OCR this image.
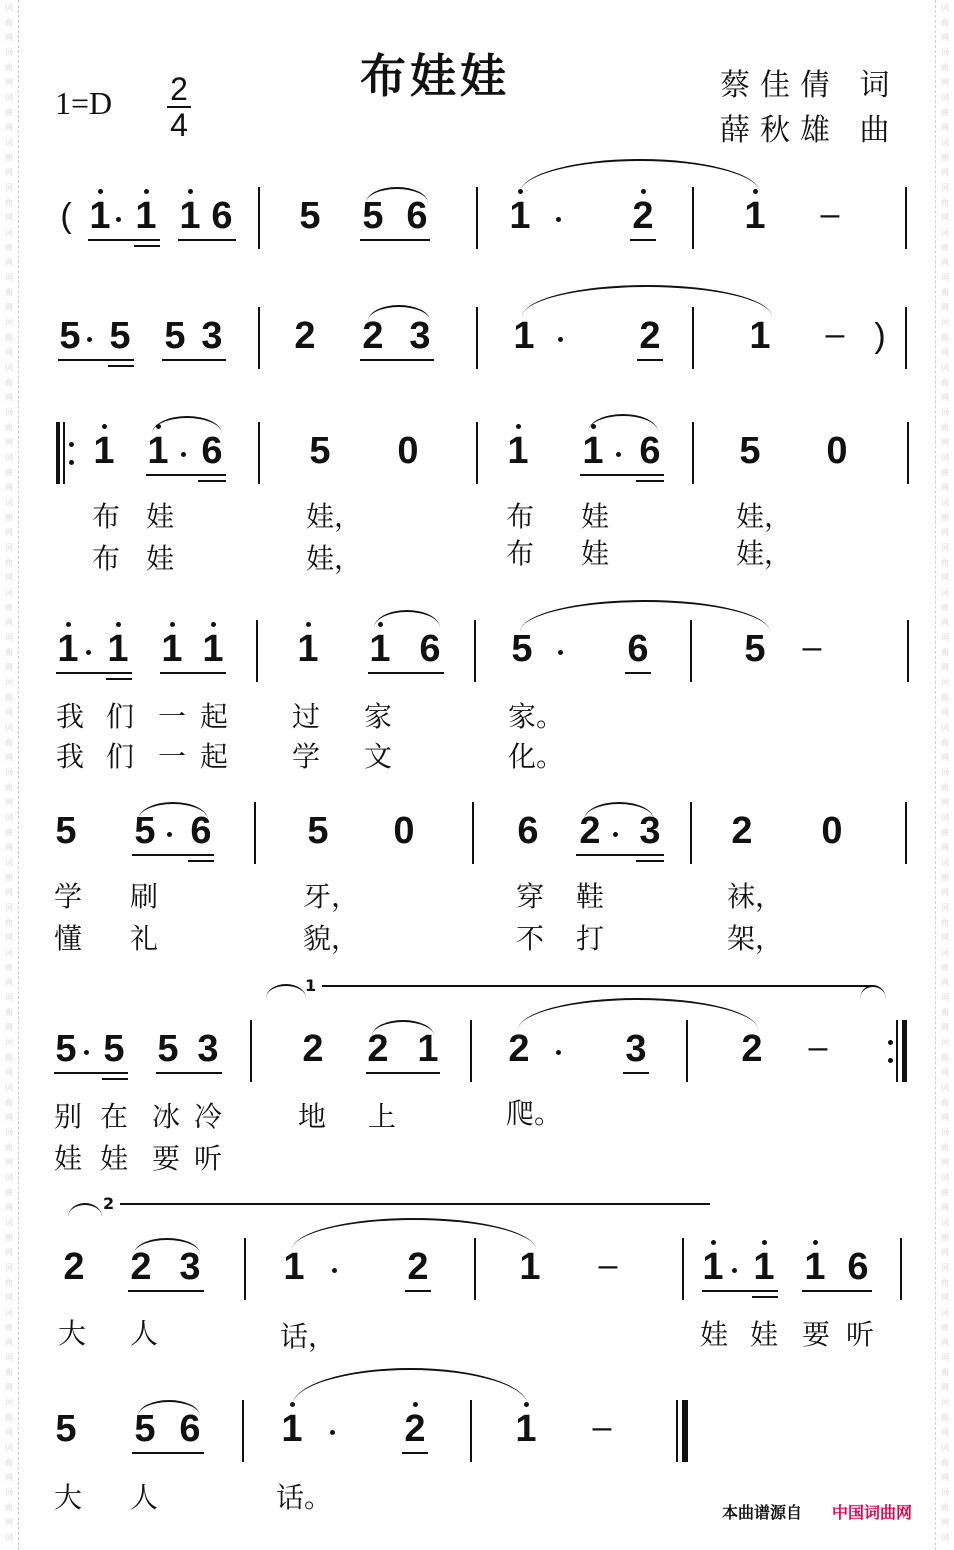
词
曲
网
词
曲
网
词
曲
网
词
曲
网
词
曲
网
词
曲
网
词
曲
网
词
曲
网
词
曲
网
词
曲
网
词
曲
网
词
曲
网
词
曲
网
词
曲
网
词
曲
网
词
曲
网
词
曲
网
词
曲
网
词
曲
网
词
曲
网
词
曲
网
词
曲
网
词
曲
网
词
曲
网
词
曲
网
词
曲
网
词
曲
网
词
曲
网
词
曲
网
词
曲
网
词
曲
网
词
曲
网
词
曲
网
词
曲
网
词
词
曲
网
词
曲
网
词
曲
网
词
曲
网
词
曲
网
词
曲
网
词
曲
网
词
曲
网
词
曲
网
词
曲
网
词
曲
网
词
曲
网
词
曲
网
词
曲
网
词
曲
网
词
曲
网
词
曲
网
词
曲
网
词
曲
网
词
曲
网
词
曲
网
词
曲
网
词
曲
网
词
曲
网
词
曲
网
词
曲
网
词
曲
网
词
曲
网
词
曲
网
词
曲
网
词
曲
网
词
曲
网
词
曲
网
词
曲
网
词
布娃娃
1=D 2
4
蔡佳倩 词
薛秋雄 曲
( 1 1 1 6 5 5 6 1	2 1 –
5 5 5 3 2 2 3 1	2 1 – )
1 1 6 5 0 1 1 6 5 0
布 娃	娃，	布 娃	娃，
布 娃	娃，	布 娃	娃，
1 1 1 1 1 1 6 5 6	5 –
我 们 一 起 过 家	家。
我 们 一 起 学 文	化。
5 5 6	5 0	6 2 3 2 0
学 刷	牙，	穿 鞋	袜，
懂 礼	貌，	不 打	架，
1
5 5 5 3 2 2 1 2	3 2 –
别 在 冰 冷	地 上	爬。
娃 娃 要 听
2
2 2 3 1	2 1 – 1 1 1 6
大 人	话，	娃 娃 要 听
5 5 6 1	2 1 –
大 人	话。	本曲谱源自 中国词曲网
